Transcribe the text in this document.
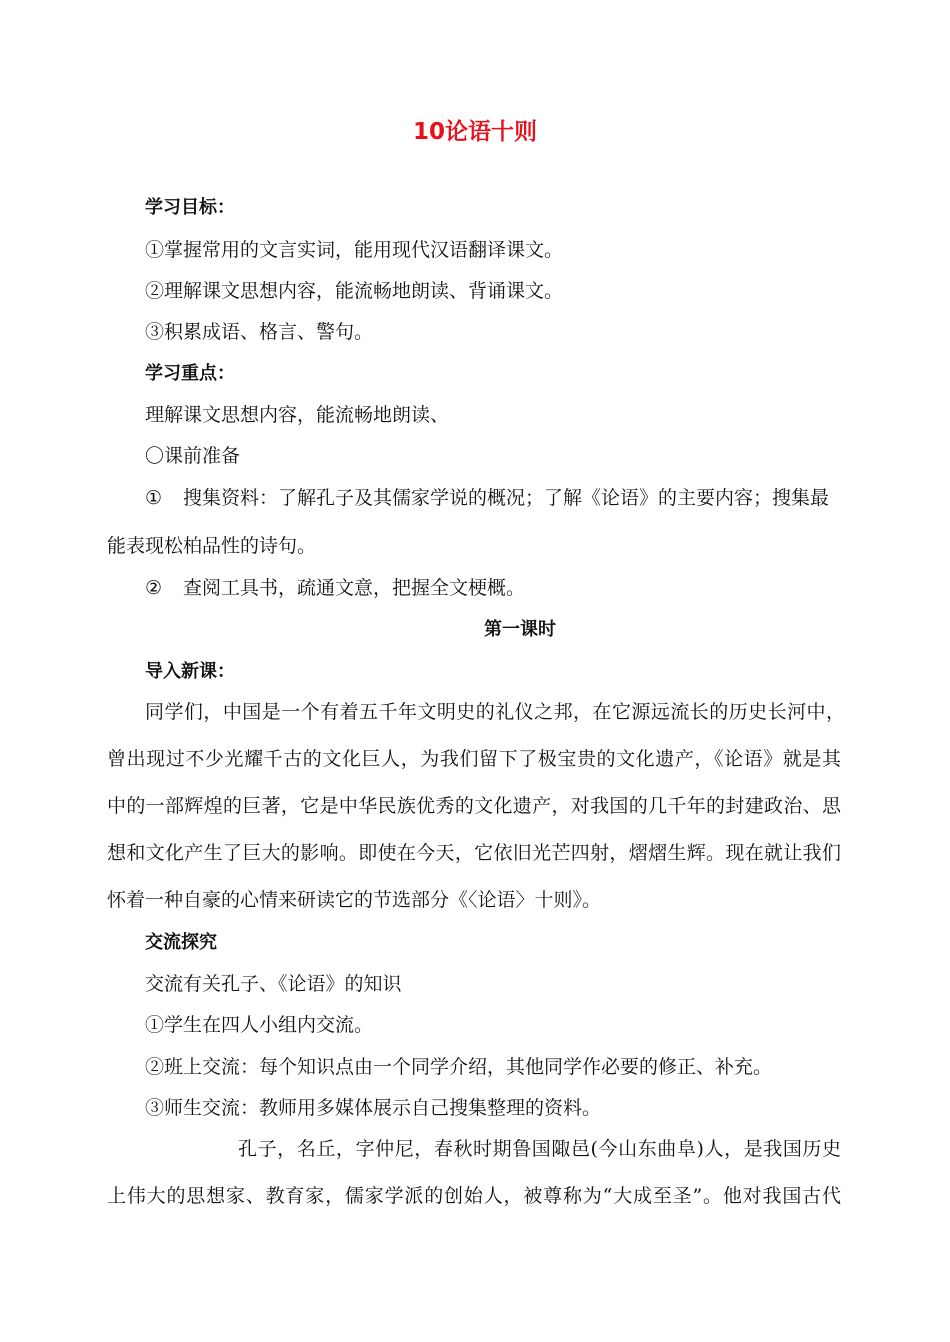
10论语十则
学习目标：
①掌握常用的文言实词，能用现代汉语翻译课文。
②理解课文思想内容，能流畅地朗读、背诵课文。
③积累成语、格言、警句。
学习重点：
理解课文思想内容，能流畅地朗读、
〇课前准备
① 搜集资料：了解孔子及其儒家学说的概况；了解《论语》的主要内容；搜集最
能表现松柏品性的诗句。
② 查阅工具书，疏通文意，把握全文梗概。
第一课时
导入新课：
同学们，中国是一个有着五千年文明史的礼仪之邦，在它源远流长的历史长河中，
曾出现过不少光耀千古的文化巨人，为我们留下了极宝贵的文化遗产，《论语》就是其
中的一部辉煌的巨著，它是中华民族优秀的文化遗产，对我国的几千年的封建政治、思
想和文化产生了巨大的影响。即使在今天，它依旧光芒四射，熠熠生辉。现在就让我们
怀着一种自豪的心情来研读它的节选部分《〈论语〉十则》。
交流探究
交流有关孔子、《论语》的知识
①学生在四人小组内交流。
②班上交流：每个知识点由一个同学介绍，其他同学作必要的修正、补充。
③师生交流：教师用多媒体展示自己搜集整理的资料。
孔子，名丘，字仲尼，春秋时期鲁国陬邑(今山东曲阜)人，是我国历史
上伟大的思想家、教育家，儒家学派的创始人，被尊称为“大成至圣”。他对我国古代
